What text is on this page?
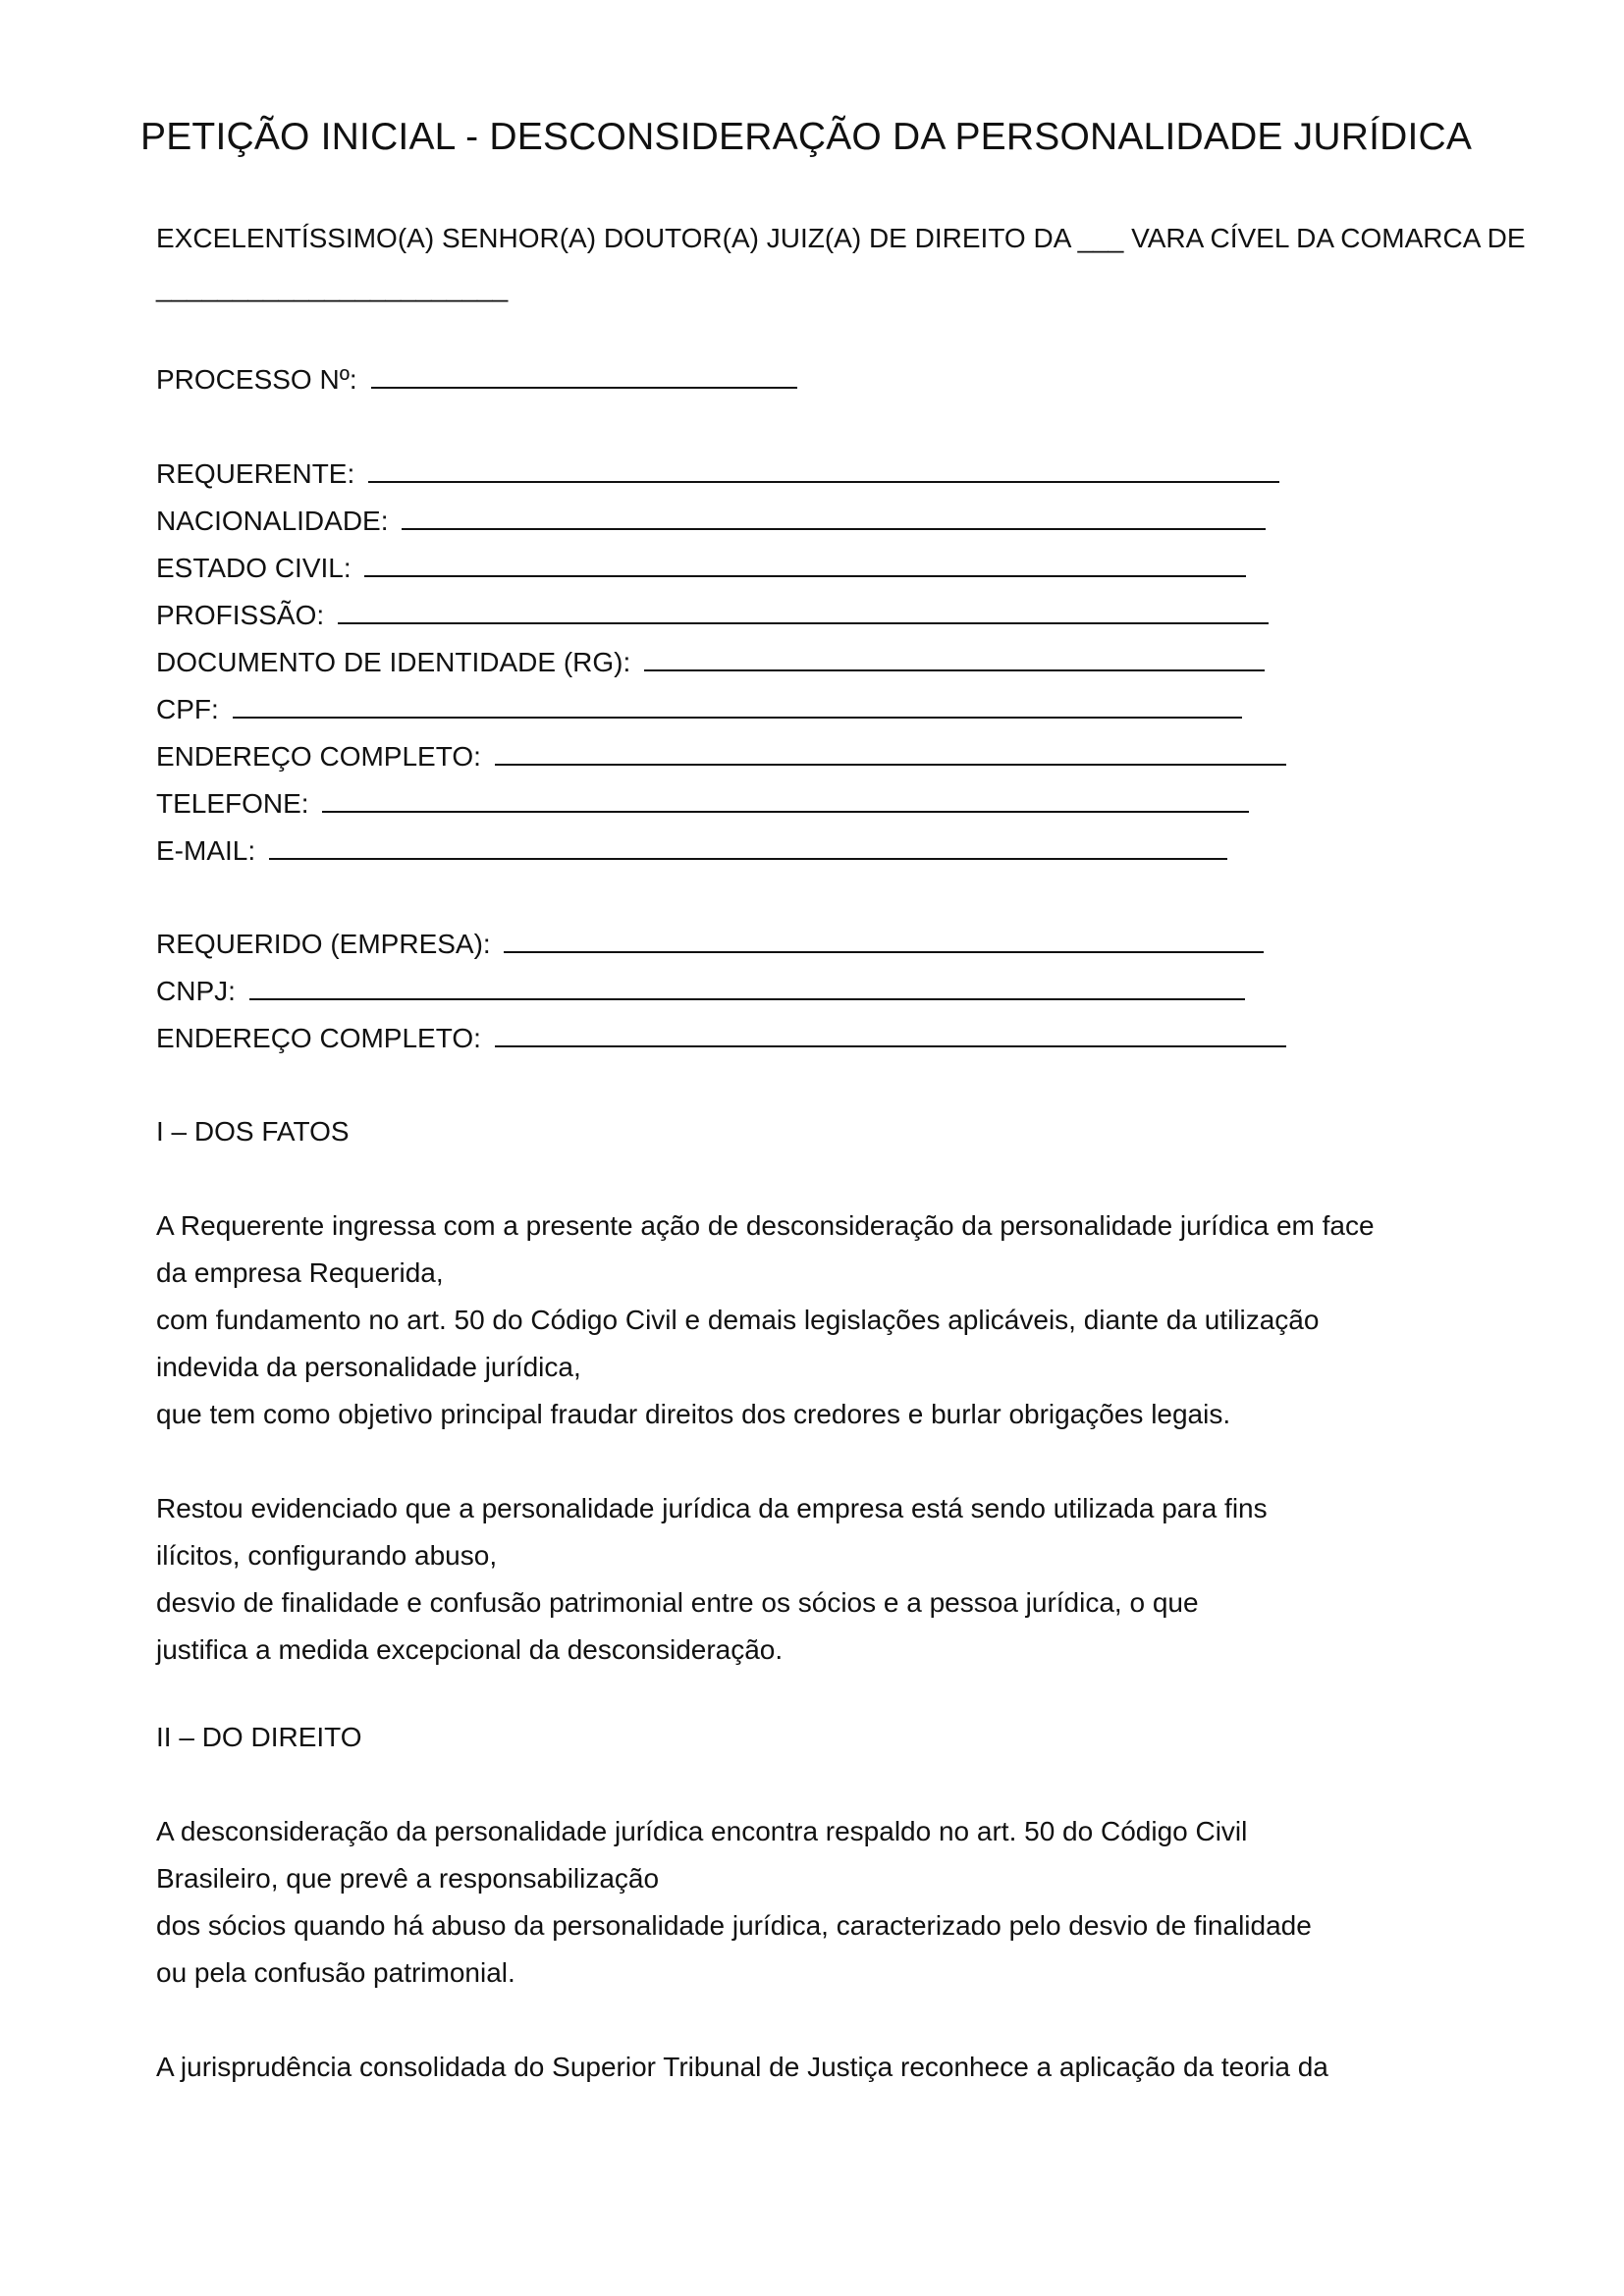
PETIÇÃO INICIAL - DESCONSIDERAÇÃO DA PERSONALIDADE JURÍDICA

EXCELENTÍSSIMO(A) SENHOR(A) DOUTOR(A) JUIZ(A) DE DIREITO DA ___ VARA CÍVEL DA COMARCA DE

_______________________

PROCESSO Nº:
REQUERENTE:
NACIONALIDADE:
ESTADO CIVIL:
PROFISSÃO:
DOCUMENTO DE IDENTIDADE (RG):
CPF:
ENDEREÇO COMPLETO:
TELEFONE:
E-MAIL:
REQUERIDO (EMPRESA):
CNPJ:
ENDEREÇO COMPLETO:

I – DOS FATOS

A Requerente ingressa com a presente ação de desconsideração da personalidade jurídica em face

da empresa Requerida,

com fundamento no art. 50 do Código Civil e demais legislações aplicáveis, diante da utilização

indevida da personalidade jurídica,

que tem como objetivo principal fraudar direitos dos credores e burlar obrigações legais.

Restou evidenciado que a personalidade jurídica da empresa está sendo utilizada para fins

ilícitos, configurando abuso,

desvio de finalidade e confusão patrimonial entre os sócios e a pessoa jurídica, o que

justifica a medida excepcional da desconsideração.

II – DO DIREITO

A desconsideração da personalidade jurídica encontra respaldo no art. 50 do Código Civil

Brasileiro, que prevê a responsabilização

dos sócios quando há abuso da personalidade jurídica, caracterizado pelo desvio de finalidade

ou pela confusão patrimonial.

A jurisprudência consolidada do Superior Tribunal de Justiça reconhece a aplicação da teoria da
